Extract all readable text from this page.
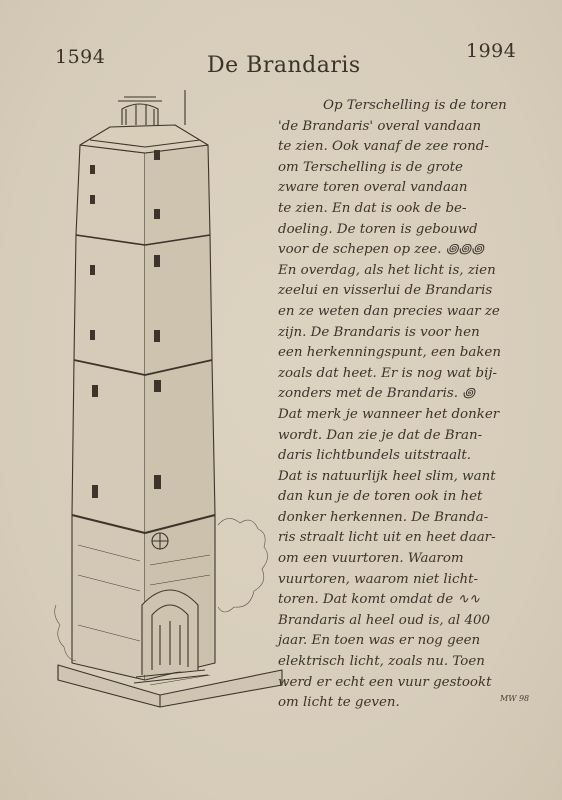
1594	1994
De Brandaris
Op Terschelling is de toren
'de Brandaris' overal vandaan
te zien. Ook vanaf de zee rond-
om Terschelling is de grote
zware toren overal vandaan
te zien. En dat is ook de be-
doeling. De toren is gebouwd
voor de schepen op zee. ꩜꩜꩜
En overdag, als het licht is, zien
zeelui en visserlui de Brandaris
en ze weten dan precies waar ze
zijn. De Brandaris is voor hen
een herkenningspunt, een baken
zoals dat heet. Er is nog wat bij-
zonders met de Brandaris. ꩜
Dat merk je wanneer het donker
wordt. Dan zie je dat de Bran-
daris lichtbundels uitstraalt.
Dat is natuurlijk heel slim, want
dan kun je de toren ook in het
donker herkennen. De Branda-
ris straalt licht uit en heet daar-
om een vuurtoren. Waarom
vuurtoren, waarom niet licht-
toren. Dat komt omdat de ∿∿
Brandaris al heel oud is, al 400
jaar. En toen was er nog geen
elektrisch licht, zoals nu. Toen
werd er echt een vuur gestookt
om licht te geven.	MW 98
